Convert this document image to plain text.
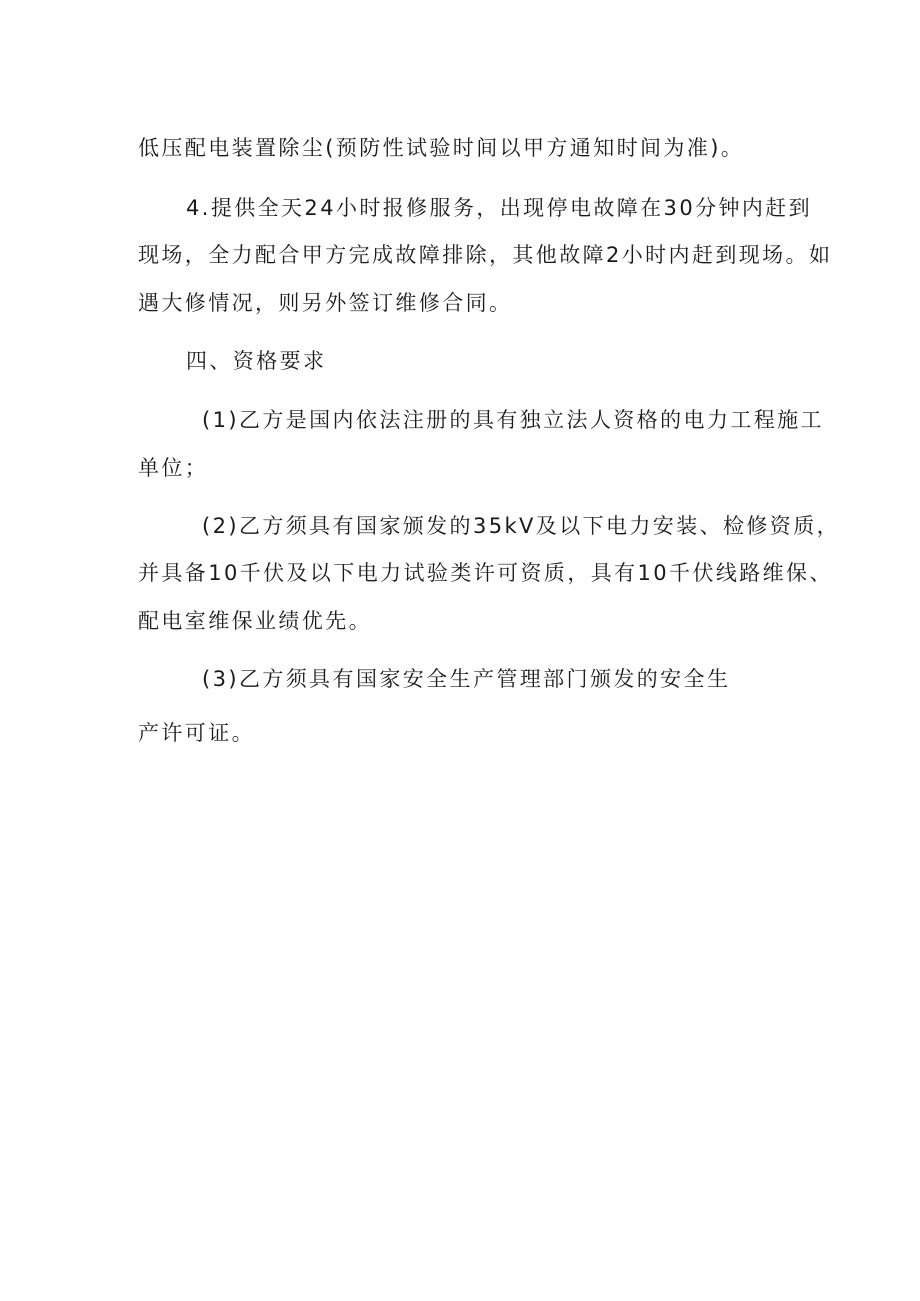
低压配电装置除尘(预防性试验时间以甲方通知时间为准)。
4.提供全天24小时报修服务，出现停电故障在30分钟内赶到
现场，全力配合甲方完成故障排除，其他故障2小时内赶到现场。如
遇大修情况，则另外签订维修合同。
四、资格要求
(1)乙方是国内依法注册的具有独立法人资格的电力工程施工
单位；
(2)乙方须具有国家颁发的35kV及以下电力安装、检修资质，
并具备10千伏及以下电力试验类许可资质，具有10千伏线路维保、
配电室维保业绩优先。
(3)乙方须具有国家安全生产管理部门颁发的安全生
产许可证。
